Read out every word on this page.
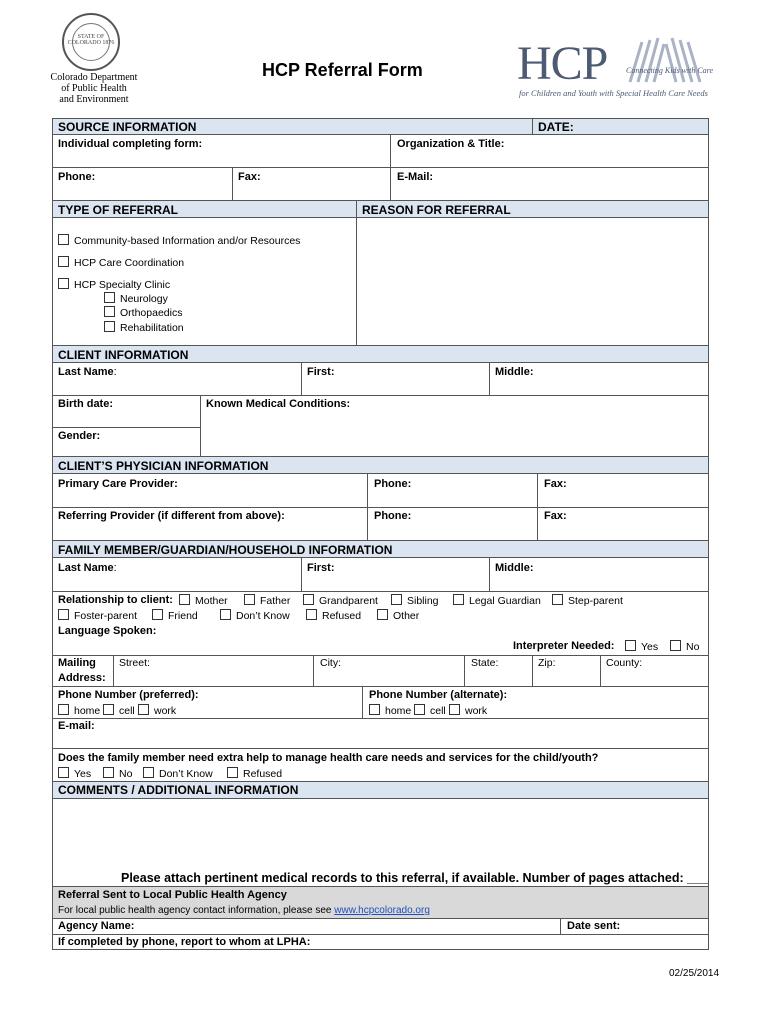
STATE OF COLORADO 1876
Colorado Department
of Public Health
and Environment
HCP Referral Form HCP Connecting Kids with Care
for Children and Youth with Special Health Care Needs
SOURCE INFORMATION	DATE:
Individual completing form:	Organization & Title:
Phone:	Fax:	E-Mail:
TYPE OF REFERRAL	REASON FOR REFERRAL
Community-based Information and/or Resources
HCP Care Coordination
HCP Specialty Clinic
Neurology
Orthopaedics
Rehabilitation
CLIENT INFORMATION
Last Name:	First:	Middle:
Birth date:	Known Medical Conditions:
Gender:
CLIENT’S PHYSICIAN INFORMATION
Primary Care Provider:	Phone:	Fax:
Referring Provider (if different from above):	Phone:	Fax:
FAMILY MEMBER/GUARDIAN/HOUSEHOLD INFORMATION
Last Name:	First:	Middle:
Relationship to client:	Mother	Father	Grandparent	Sibling	Legal Guardian	Step-parent
Foster-parent	Friend	Don’t Know	Refused	Other
Language Spoken:
Interpreter Needed:	Yes	No
Mailing
Address:
Street:	City:	State:	Zip:	County:
Phone Number (preferred):
home	cell	work
Phone Number (alternate):
home	cell	work
E-mail:
Does the family member need extra help to manage health care needs and services for the child/youth?
Yes	No	Don’t Know	Refused
COMMENTS / ADDITIONAL INFORMATION
Please attach pertinent medical records to this referral, if available. Number of pages attached: ___
Referral Sent to Local Public Health Agency
For local public health agency contact information, please see www.hcpcolorado.org
Agency Name:	Date sent:
If completed by phone, report to whom at LPHA:
02/25/2014
